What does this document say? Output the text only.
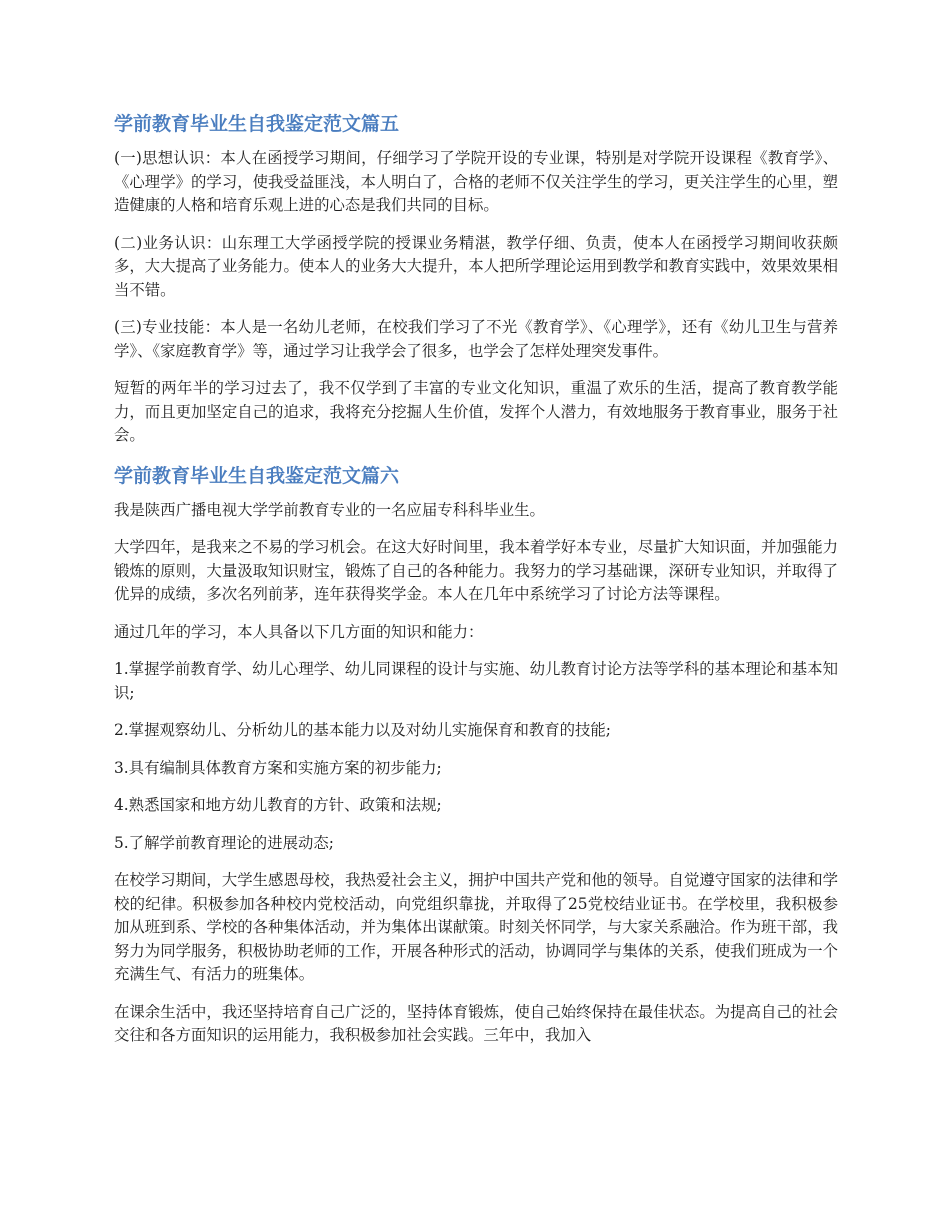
学前教育毕业生自我鉴定范文篇五

(一)思想认识：本人在函授学习期间，仔细学习了学院开设的专业课，特别是对学院开设课程《教育学》、《心理学》的学习，使我受益匪浅，本人明白了，合格的老师不仅关注学生的学习，更关注学生的心里，塑造健康的人格和培育乐观上进的心态是我们共同的目标。

(二)业务认识：山东理工大学函授学院的授课业务精湛，教学仔细、负责，使本人在函授学习期间收获颇多，大大提高了业务能力。使本人的业务大大提升，本人把所学理论运用到教学和教育实践中，效果效果相当不错。

(三)专业技能：本人是一名幼儿老师，在校我们学习了不光《教育学》、《心理学》，还有《幼儿卫生与营养学》、《家庭教育学》等，通过学习让我学会了很多，也学会了怎样处理突发事件。

短暂的两年半的学习过去了，我不仅学到了丰富的专业文化知识，重温了欢乐的生活，提高了教育教学能力，而且更加坚定自己的追求，我将充分挖掘人生价值，发挥个人潜力，有效地服务于教育事业，服务于社会。

学前教育毕业生自我鉴定范文篇六

我是陕西广播电视大学学前教育专业的一名应届专科科毕业生。

大学四年，是我来之不易的学习机会。在这大好时间里，我本着学好本专业，尽量扩大知识面，并加强能力锻炼的原则，大量汲取知识财宝，锻炼了自己的各种能力。我努力的学习基础课，深研专业知识，并取得了优异的成绩，多次名列前茅，连年获得奖学金。本人在几年中系统学习了讨论方法等课程。

通过几年的学习，本人具备以下几方面的知识和能力：

1.掌握学前教育学、幼儿心理学、幼儿同课程的设计与实施、幼儿教育讨论方法等学科的基本理论和基本知识;

2.掌握观察幼儿、分析幼儿的基本能力以及对幼儿实施保育和教育的技能;

3.具有编制具体教育方案和实施方案的初步能力;

4.熟悉国家和地方幼儿教育的方针、政策和法规;

5.了解学前教育理论的进展动态;

在校学习期间，大学生感恩母校，我热爱社会主义，拥护中国共产党和他的领导。自觉遵守国家的法律和学校的纪律。积极参加各种校内党校活动，向党组织靠拢，并取得了25党校结业证书。在学校里，我积极参加从班到系、学校的各种集体活动，并为集体出谋献策。时刻关怀同学，与大家关系融洽。作为班干部，我努力为同学服务，积极协助老师的工作，开展各种形式的活动，协调同学与集体的关系，使我们班成为一个充满生气、有活力的班集体。

在课余生活中，我还坚持培育自己广泛的，坚持体育锻炼，使自己始终保持在最佳状态。为提高自己的社会交往和各方面知识的运用能力，我积极参加社会实践。三年中，我加入
